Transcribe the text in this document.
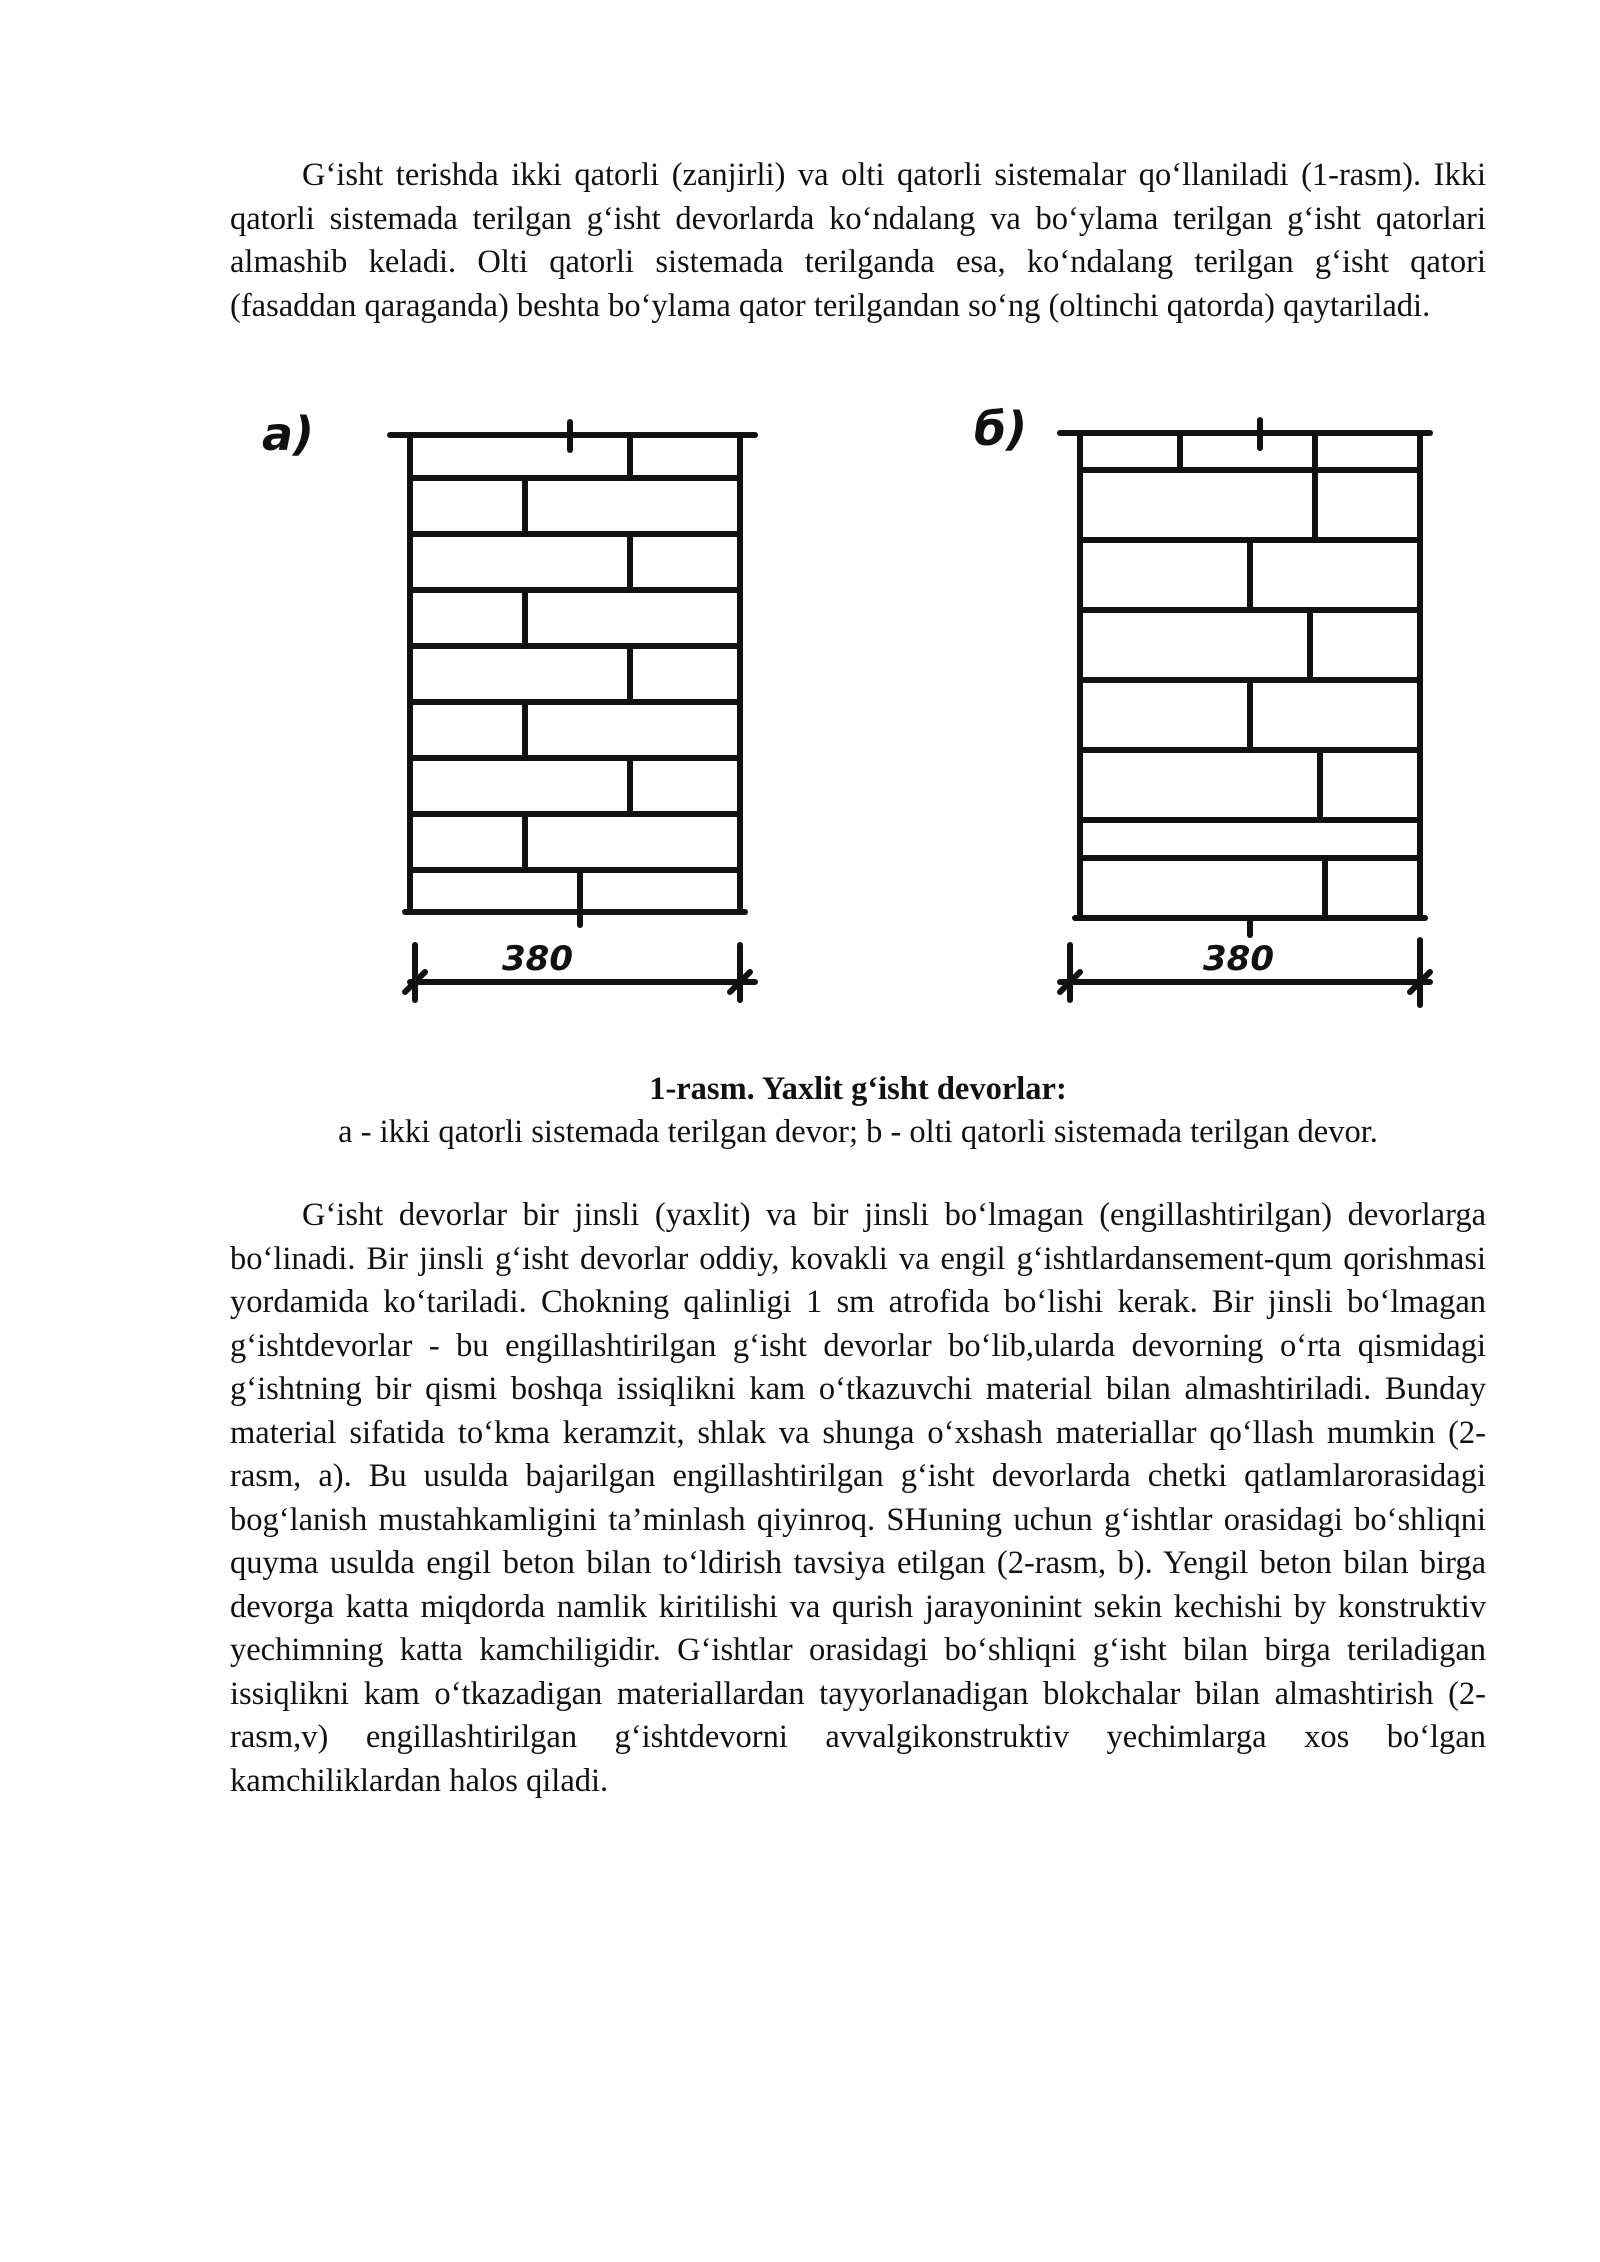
G‘isht terishda ikki qatorli (zanjirli) va olti qatorli sistemalar qo‘llaniladi (1-rasm). Ikki qatorli sistemada terilgan g‘isht devorlarda ko‘ndalang va bo‘ylama terilgan g‘isht qatorlari almashib keladi. Olti qatorli sistemada terilganda esa, ko‘ndalang terilgan g‘isht qatori (fasaddan qaraganda) beshta bo‘ylama qator terilgandan so‘ng (oltinchi qatorda) qaytariladi.

a)	б)
380	380

1-rasm. Yaxlit g‘isht devorlar:

a - ikki qatorli sistemada terilgan devor; b - olti qatorli sistemada terilgan devor.

G‘isht devorlar bir jinsli (yaxlit) va bir jinsli bo‘lmagan (engillashtirilgan) devorlarga bo‘linadi. Bir jinsli g‘isht devorlar oddiy, kovakli va engil g‘ishtlardansement-qum qorishmasi yordamida ko‘tariladi. Chokning qalinligi 1 sm atrofida bo‘lishi kerak. Bir jinsli bo‘lmagan g‘ishtdevorlar - bu engillashtirilgan g‘isht devorlar bo‘lib,ularda devorning o‘rta qismidagi g‘ishtning bir qismi boshqa issiqlikni kam o‘tkazuvchi material bilan almashtiriladi. Bunday material sifatida to‘kma keramzit, shlak va shunga o‘xshash materiallar qo‘llash mumkin (2-rasm, a). Bu usulda bajarilgan engillashtirilgan g‘isht devorlarda chetki qatlamlarorasidagi bog‘lanish mustahkamligini ta’minlash qiyinroq. SHuning uchun g‘ishtlar orasidagi bo‘shliqni quyma usulda engil beton bilan to‘ldirish tavsiya etilgan (2-rasm, b). Yengil beton bilan birga devorga katta miqdorda namlik kiritilishi va qurish jarayoninint sekin kechishi by konstruktiv yechimning katta kamchiligidir. G‘ishtlar orasidagi bo‘shliqni g‘isht bilan birga teriladigan issiqlikni kam o‘tkazadigan materiallardan tayyorlanadigan blokchalar bilan almashtirish (2-rasm,v) engillashtirilgan g‘ishtdevorni avvalgikonstruktiv yechimlarga xos bo‘lgan kamchiliklardan halos qiladi.
